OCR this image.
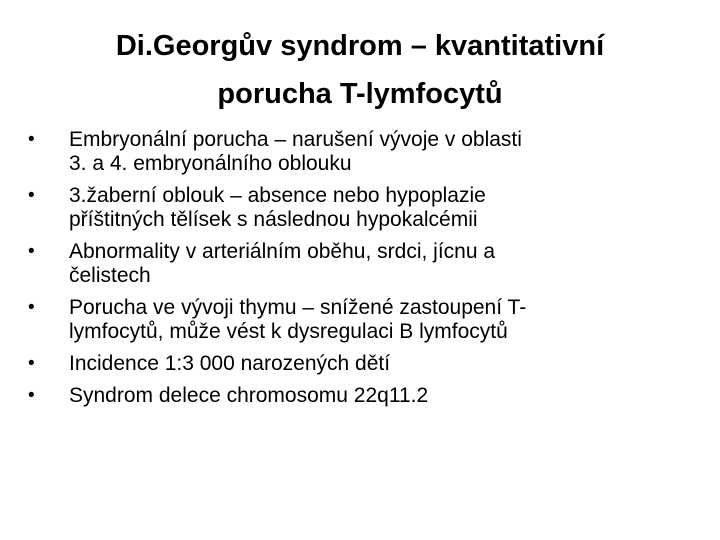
Di.Georgův syndrom – kvantitativní
porucha T-lymfocytů
• Embryonální porucha – narušení vývoje v oblasti
3. a 4. embryonálního oblouku
• 3.žaberní oblouk – absence nebo hypoplazie
příštitných tělísek s následnou hypokalcémii
• Abnormality v arteriálním oběhu, srdci, jícnu a
čelistech
• Porucha ve vývoji thymu – snížené zastoupení T-
lymfocytů, může vést k dysregulaci B lymfocytů
• Incidence 1:3 000 narozených dětí
• Syndrom delece chromosomu 22q11.2
